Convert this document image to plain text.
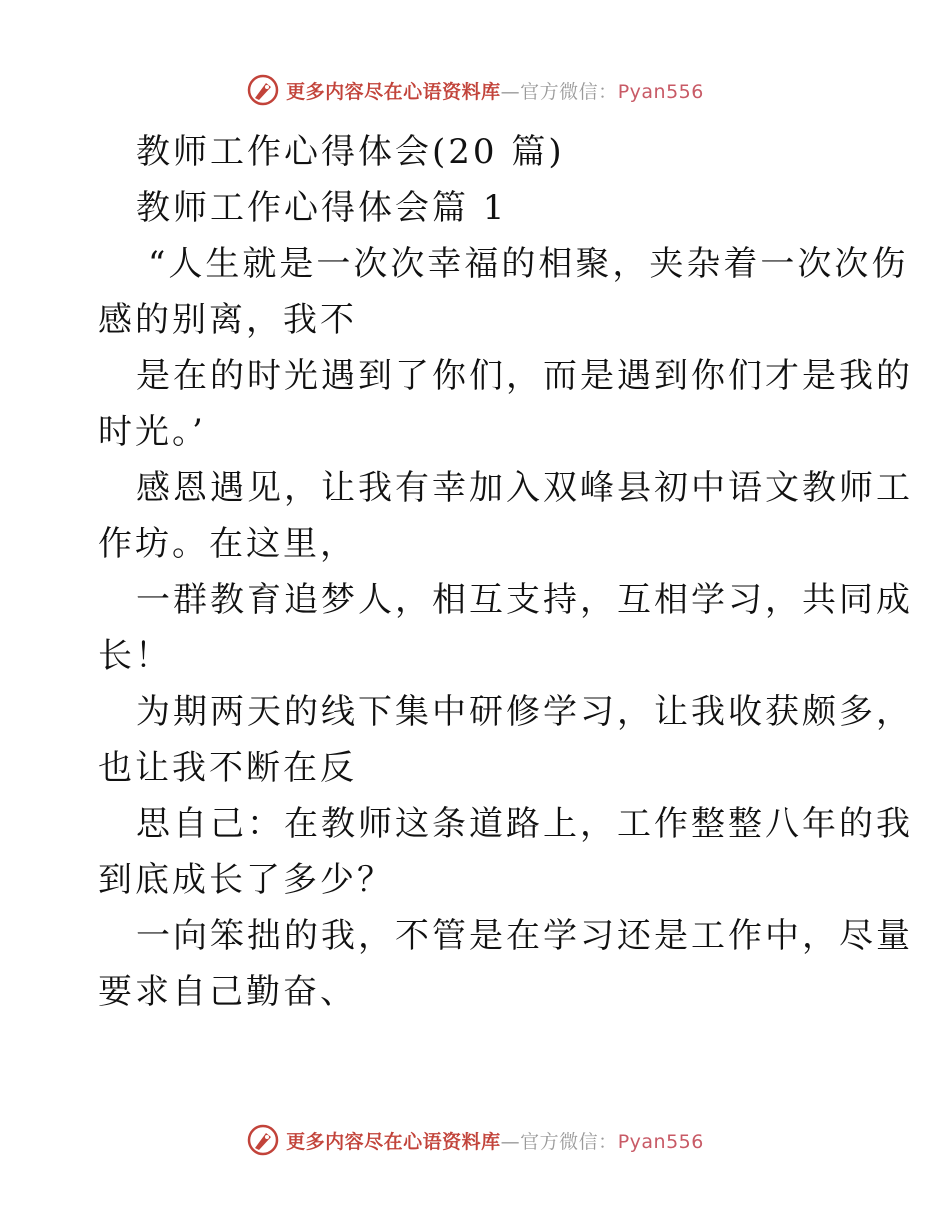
更多内容尽在心语资料库—官方微信：Pyan556
教师工作心得体会(20 篇)
教师工作心得体会篇 1
“人生就是一次次幸福的相聚，夹杂着一次次伤
感的别离，我不
是在的时光遇到了你们，而是遇到你们才是我的
时光。’
感恩遇见，让我有幸加入双峰县初中语文教师工
作坊。在这里，
一群教育追梦人，相互支持，互相学习，共同成
长！
为期两天的线下集中研修学习，让我收获颇多，
也让我不断在反
思自己：在教师这条道路上，工作整整八年的我
到底成长了多少？
一向笨拙的我，不管是在学习还是工作中，尽量
要求自己勤奋、
更多内容尽在心语资料库—官方微信：Pyan556
